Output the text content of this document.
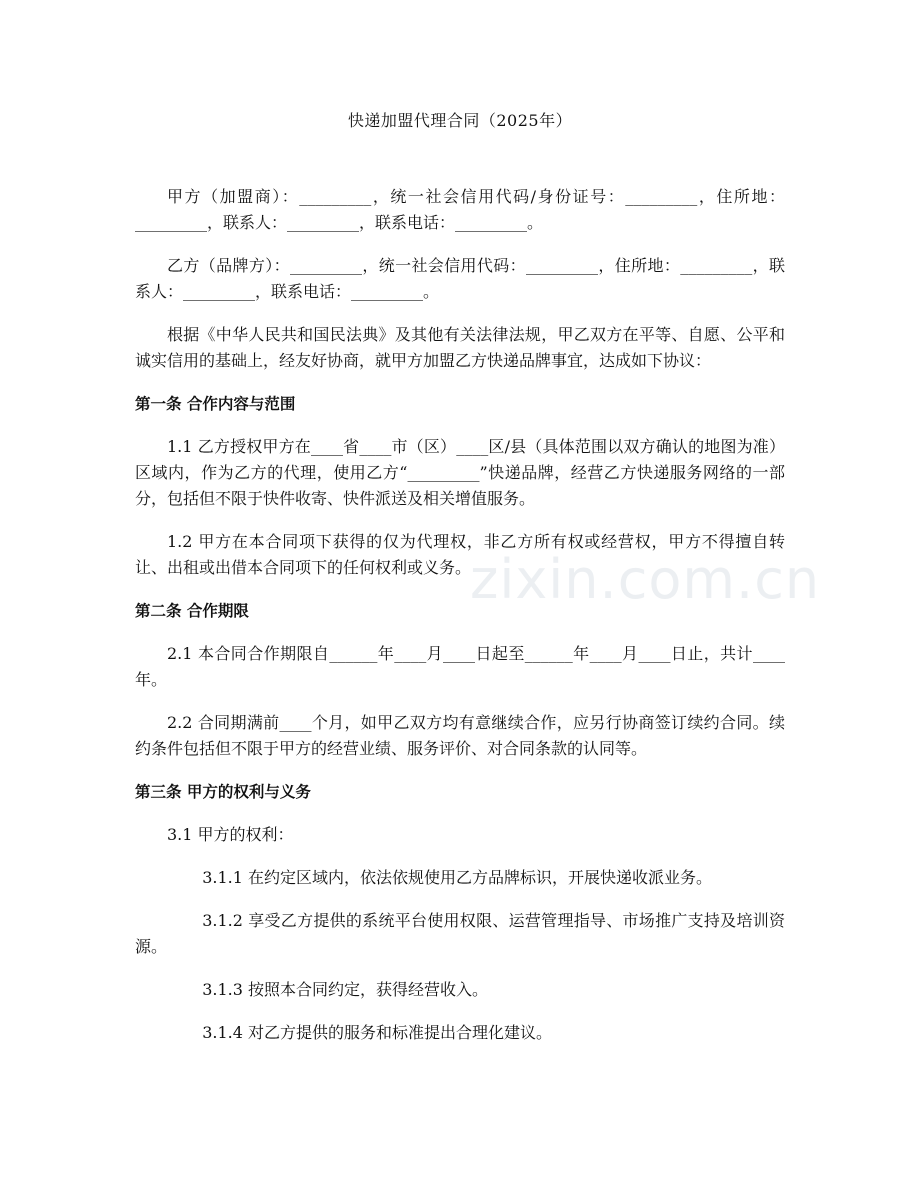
zixin.com.cn
快递加盟代理合同（2025年）

甲方（加盟商）：_________，统一社会信用代码/身份证号：_________，住所地：_________，联系人：_________，联系电话：_________。

乙方（品牌方）：_________，统一社会信用代码：_________，住所地：_________，联系人：_________，联系电话：_________。

根据《中华人民共和国民法典》及其他有关法律法规，甲乙双方在平等、自愿、公平和诚实信用的基础上，经友好协商，就甲方加盟乙方快递品牌事宜，达成如下协议：

第一条 合作内容与范围

1.1 乙方授权甲方在____省____市（区）____区/县（具体范围以双方确认的地图为准）区域内，作为乙方的代理，使用乙方“_________”快递品牌，经营乙方快递服务网络的一部分，包括但不限于快件收寄、快件派送及相关增值服务。

1.2 甲方在本合同项下获得的仅为代理权，非乙方所有权或经营权，甲方不得擅自转让、出租或出借本合同项下的任何权利或义务。

第二条 合作期限

2.1 本合同合作期限自______年____月____日起至______年____月____日止，共计____年。

2.2 合同期满前____个月，如甲乙双方均有意继续合作，应另行协商签订续约合同。续约条件包括但不限于甲方的经营业绩、服务评价、对合同条款的认同等。

第三条 甲方的权利与义务

3.1 甲方的权利：

3.1.1 在约定区域内，依法依规使用乙方品牌标识，开展快递收派业务。

3.1.2 享受乙方提供的系统平台使用权限、运营管理指导、市场推广支持及培训资源。

3.1.3 按照本合同约定，获得经营收入。

3.1.4 对乙方提供的服务和标准提出合理化建议。
